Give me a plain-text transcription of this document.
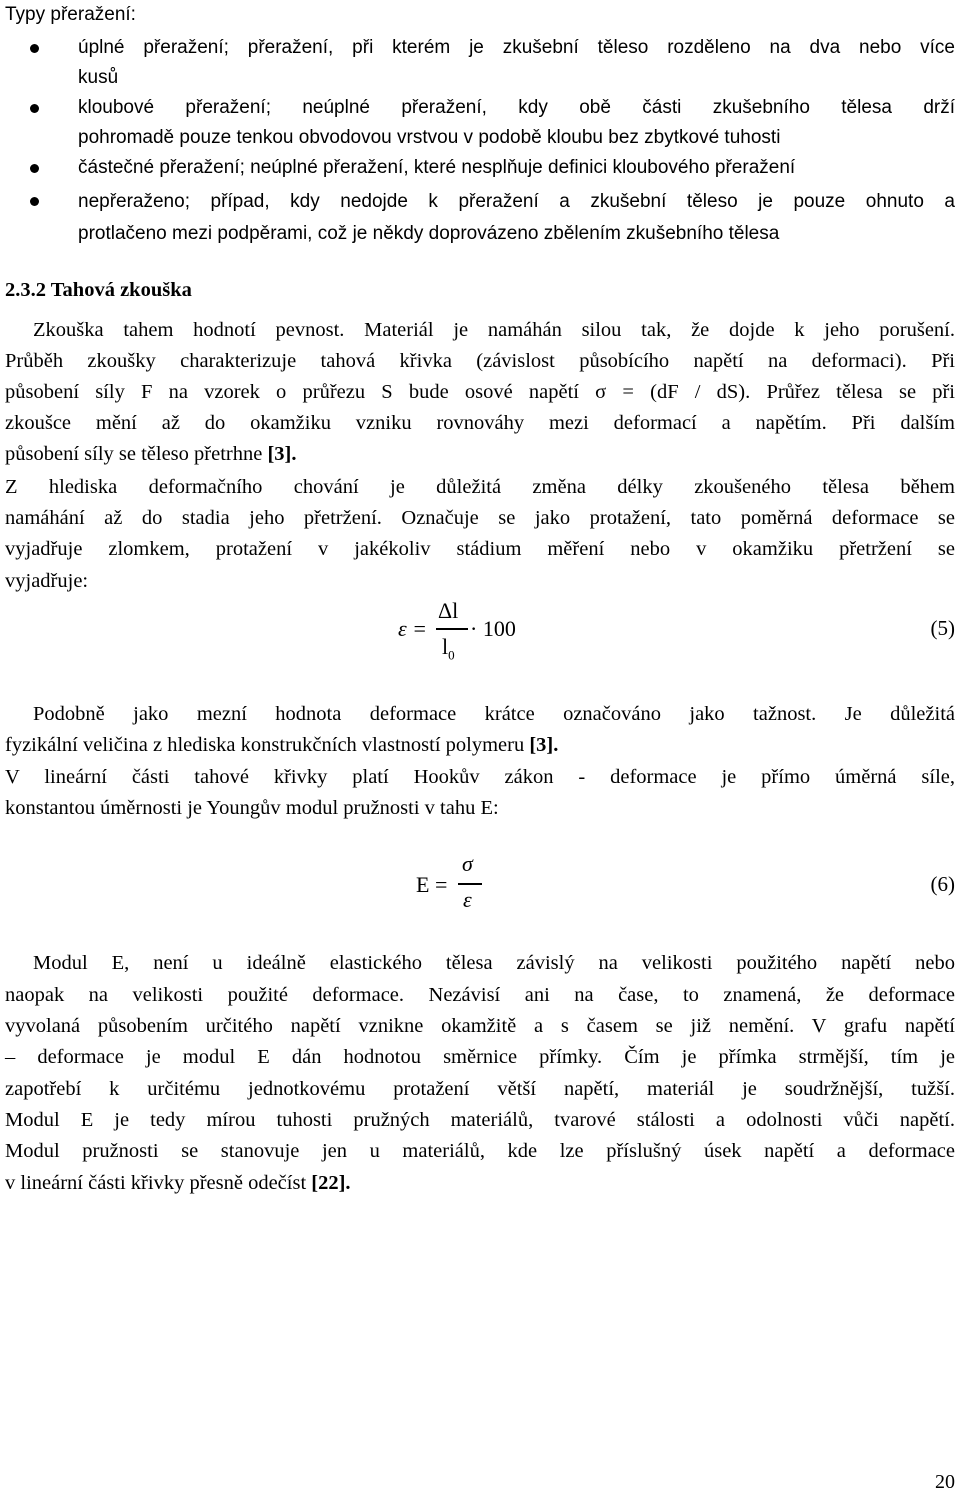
Typy přeražení:
úplné přeražení; přeražení, při kterém je zkušební těleso rozděleno na dva nebo více
kusů
kloubové přeražení; neúplné přeražení, kdy obě části zkušebního tělesa drží
pohromadě pouze tenkou obvodovou vrstvou v podobě kloubu bez zbytkové tuhosti
částečné přeražení; neúplné přeražení, které nesplňuje definici kloubového přeražení
nepřeraženo; případ, kdy nedojde k přeražení a zkušební těleso je pouze ohnuto a
protlačeno mezi podpěrami, což je někdy doprovázeno zbělením zkušebního tělesa
2.3.2 Tahová zkouška
Zkouška tahem hodnotí pevnost. Materiál je namáhán silou tak, že dojde k jeho porušení.
Průběh zkoušky charakterizuje tahová křivka (závislost působícího napětí na deformaci). Při
působení síly F na vzorek o průřezu S bude osové napětí σ = (dF / dS). Průřez tělesa se při
zkoušce mění až do okamžiku vzniku rovnováhy mezi deformací a napětím. Při dalším
působení síly se těleso přetrhne [3].
Z hlediska deformačního chování je důležitá změna délky zkoušeného tělesa během
namáhání až do stadia jeho přetržení. Označuje se jako protažení, tato poměrná deformace se
vyjadřuje zlomkem, protažení v jakékoliv stádium měření nebo v okamžiku přetržení se
vyjadřuje:
ε =
Δl
$l_0$
· 100	(5)
Podobně jako mezní hodnota deformace krátce označováno jako tažnost. Je důležitá
fyzikální veličina z hlediska konstrukčních vlastností polymeru [3].
V lineární části tahové křivky platí Hookův zákon - deformace je přímo úměrná síle,
konstantou úměrnosti je Youngův modul pružnosti v tahu E:
E =
σ
ε
(6)
Modul E, není u ideálně elastického tělesa závislý na velikosti použitého napětí nebo
naopak na velikosti použité deformace. Nezávisí ani na čase, to znamená, že deformace
vyvolaná působením určitého napětí vznikne okamžitě a s časem se již nemění. V grafu napětí
– deformace je modul E dán hodnotou směrnice přímky. Čím je přímka strmější, tím je
zapotřebí k určitému jednotkovému protažení větší napětí, materiál je soudržnější, tužší.
Modul E je tedy mírou tuhosti pružných materiálů, tvarové stálosti a odolnosti vůči napětí.
Modul pružnosti se stanovuje jen u materiálů, kde lze příslušný úsek napětí a deformace
v lineární části křivky přesně odečíst [22].
20
